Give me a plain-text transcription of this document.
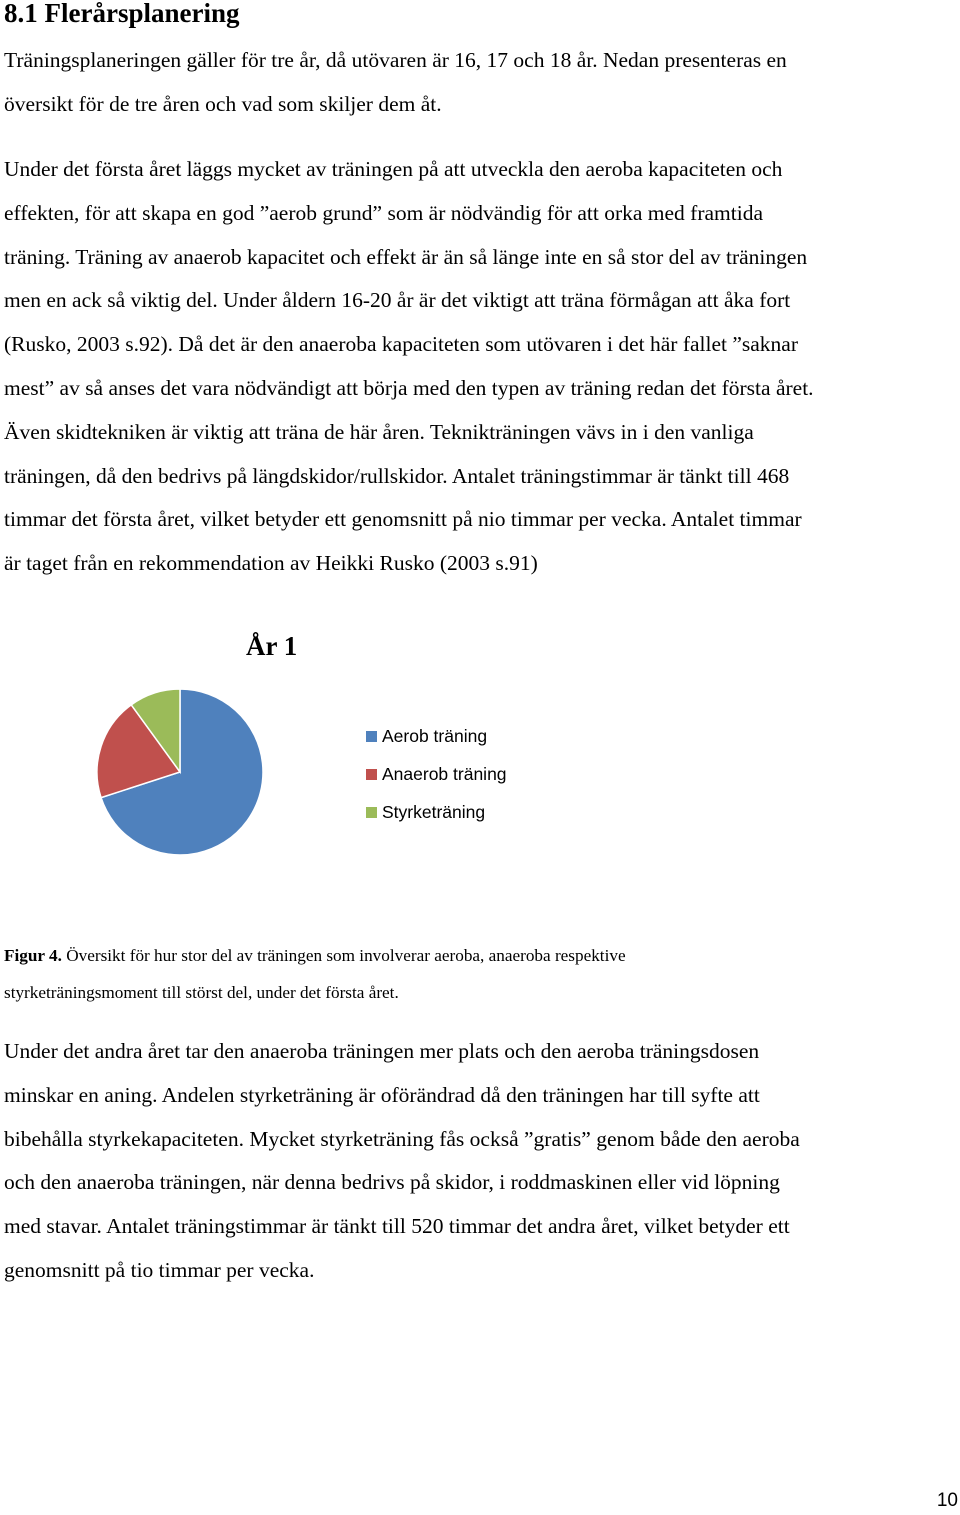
8.1 Flerårsplanering

Träningsplaneringen gäller för tre år, då utövaren är 16, 17 och 18 år. Nedan presenteras en
översikt för de tre åren och vad som skiljer dem åt.

Under det första året läggs mycket av träningen på att utveckla den aeroba kapaciteten och
effekten, för att skapa en god ”aerob grund” som är nödvändig för att orka med framtida
träning. Träning av anaerob kapacitet och effekt är än så länge inte en så stor del av träningen
men en ack så viktig del. Under åldern 16-20 år är det viktigt att träna förmågan att åka fort
(Rusko, 2003 s.92). Då det är den anaeroba kapaciteten som utövaren i det här fallet ”saknar
mest” av så anses det vara nödvändigt att börja med den typen av träning redan det första året.
Även skidtekniken är viktig att träna de här åren. Teknikträningen vävs in i den vanliga
träningen, då den bedrivs på längdskidor/rullskidor. Antalet träningstimmar är tänkt till 468
timmar det första året, vilket betyder ett genomsnitt på nio timmar per vecka. Antalet timmar
är taget från en rekommendation av Heikki Rusko (2003 s.91)

År 1
Aerob träning
Anaerob träning
Styrketräning

Figur 4. Översikt för hur stor del av träningen som involverar aeroba, anaeroba respektive
styrketräningsmoment till störst del, under det första året.

Under det andra året tar den anaeroba träningen mer plats och den aeroba träningsdosen
minskar en aning. Andelen styrketräning är oförändrad då den träningen har till syfte att
bibehålla styrkekapaciteten. Mycket styrketräning fås också ”gratis” genom både den aeroba
och den anaeroba träningen, när denna bedrivs på skidor, i roddmaskinen eller vid löpning
med stavar. Antalet träningstimmar är tänkt till 520 timmar det andra året, vilket betyder ett
genomsnitt på tio timmar per vecka.

10
